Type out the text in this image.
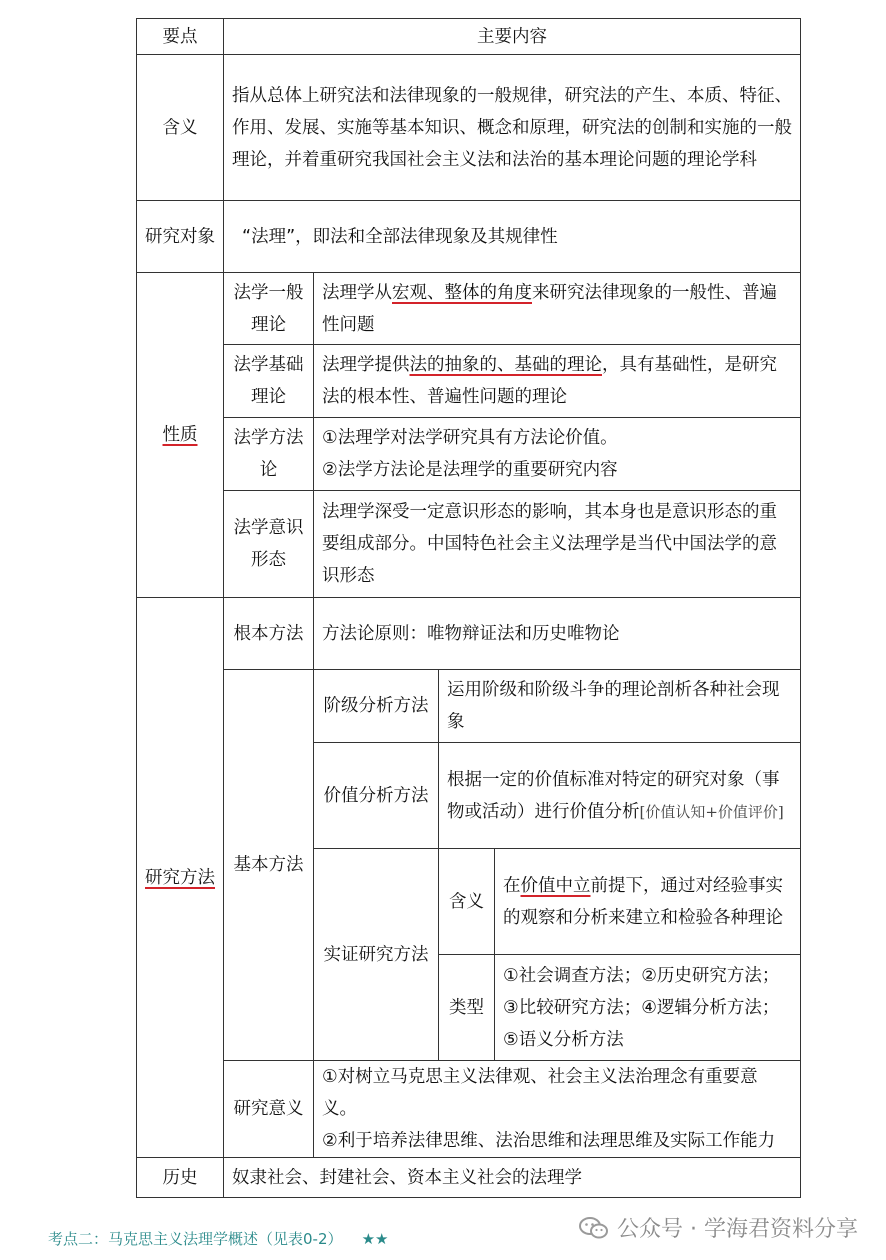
要点	主要内容			
含义	指从总体上研究法和法律现象的一般规律，研究法的产生、本质、特征、作用、发展、实施等基本知识、概念和原理，研究法的创制和实施的一般理论，并着重研究我国社会主义法和法治的基本理论问题的理论学科			
研究对象	“法理”，即法和全部法律现象及其规律性			
性质	法学一般理论	法理学从宏观、整体的角度来研究法律现象的一般性、普遍性问题		
	法学基础理论	法理学提供法的抽象的、基础的理论，具有基础性，是研究法的根本性、普遍性问题的理论		
	法学方法论	①法理学对法学研究具有方法论价值。
②法学方法论是法理学的重要研究内容		

	法学意识形态	法理学深受一定意识形态的影响，其本身也是意识形态的重要组成部分。中国特色社会主义法理学是当代中国法学的意识形态		
研究方法	根本方法	方法论原则：唯物辩证法和历史唯物论		
	基本方法	阶级分析方法	运用阶级和阶级斗争的理论剖析各种社会现象	
		价值分析方法	根据一定的价值标准对特定的研究对象（事物或活动）进行价值分析[价值认知+价值评价]	
		实证研究方法	含义	在价值中立前提下，通过对经验事实的观察和分析来建立和检验各种理论
			类型	①社会调查方法；②历史研究方法；③比较研究方法；④逻辑分析方法；⑤语义分析方法
	研究意义	①对树立马克思主义法律观、社会主义法治理念有重要意义。
②利于培养法律思维、法治思维和法理思维及实际工作能力		

历史	奴隶社会、封建社会、资本主义社会的法理学			
考点二：马克思主义法理学概述（见表0-2） ★★	公众号 · 学海君资料分享
